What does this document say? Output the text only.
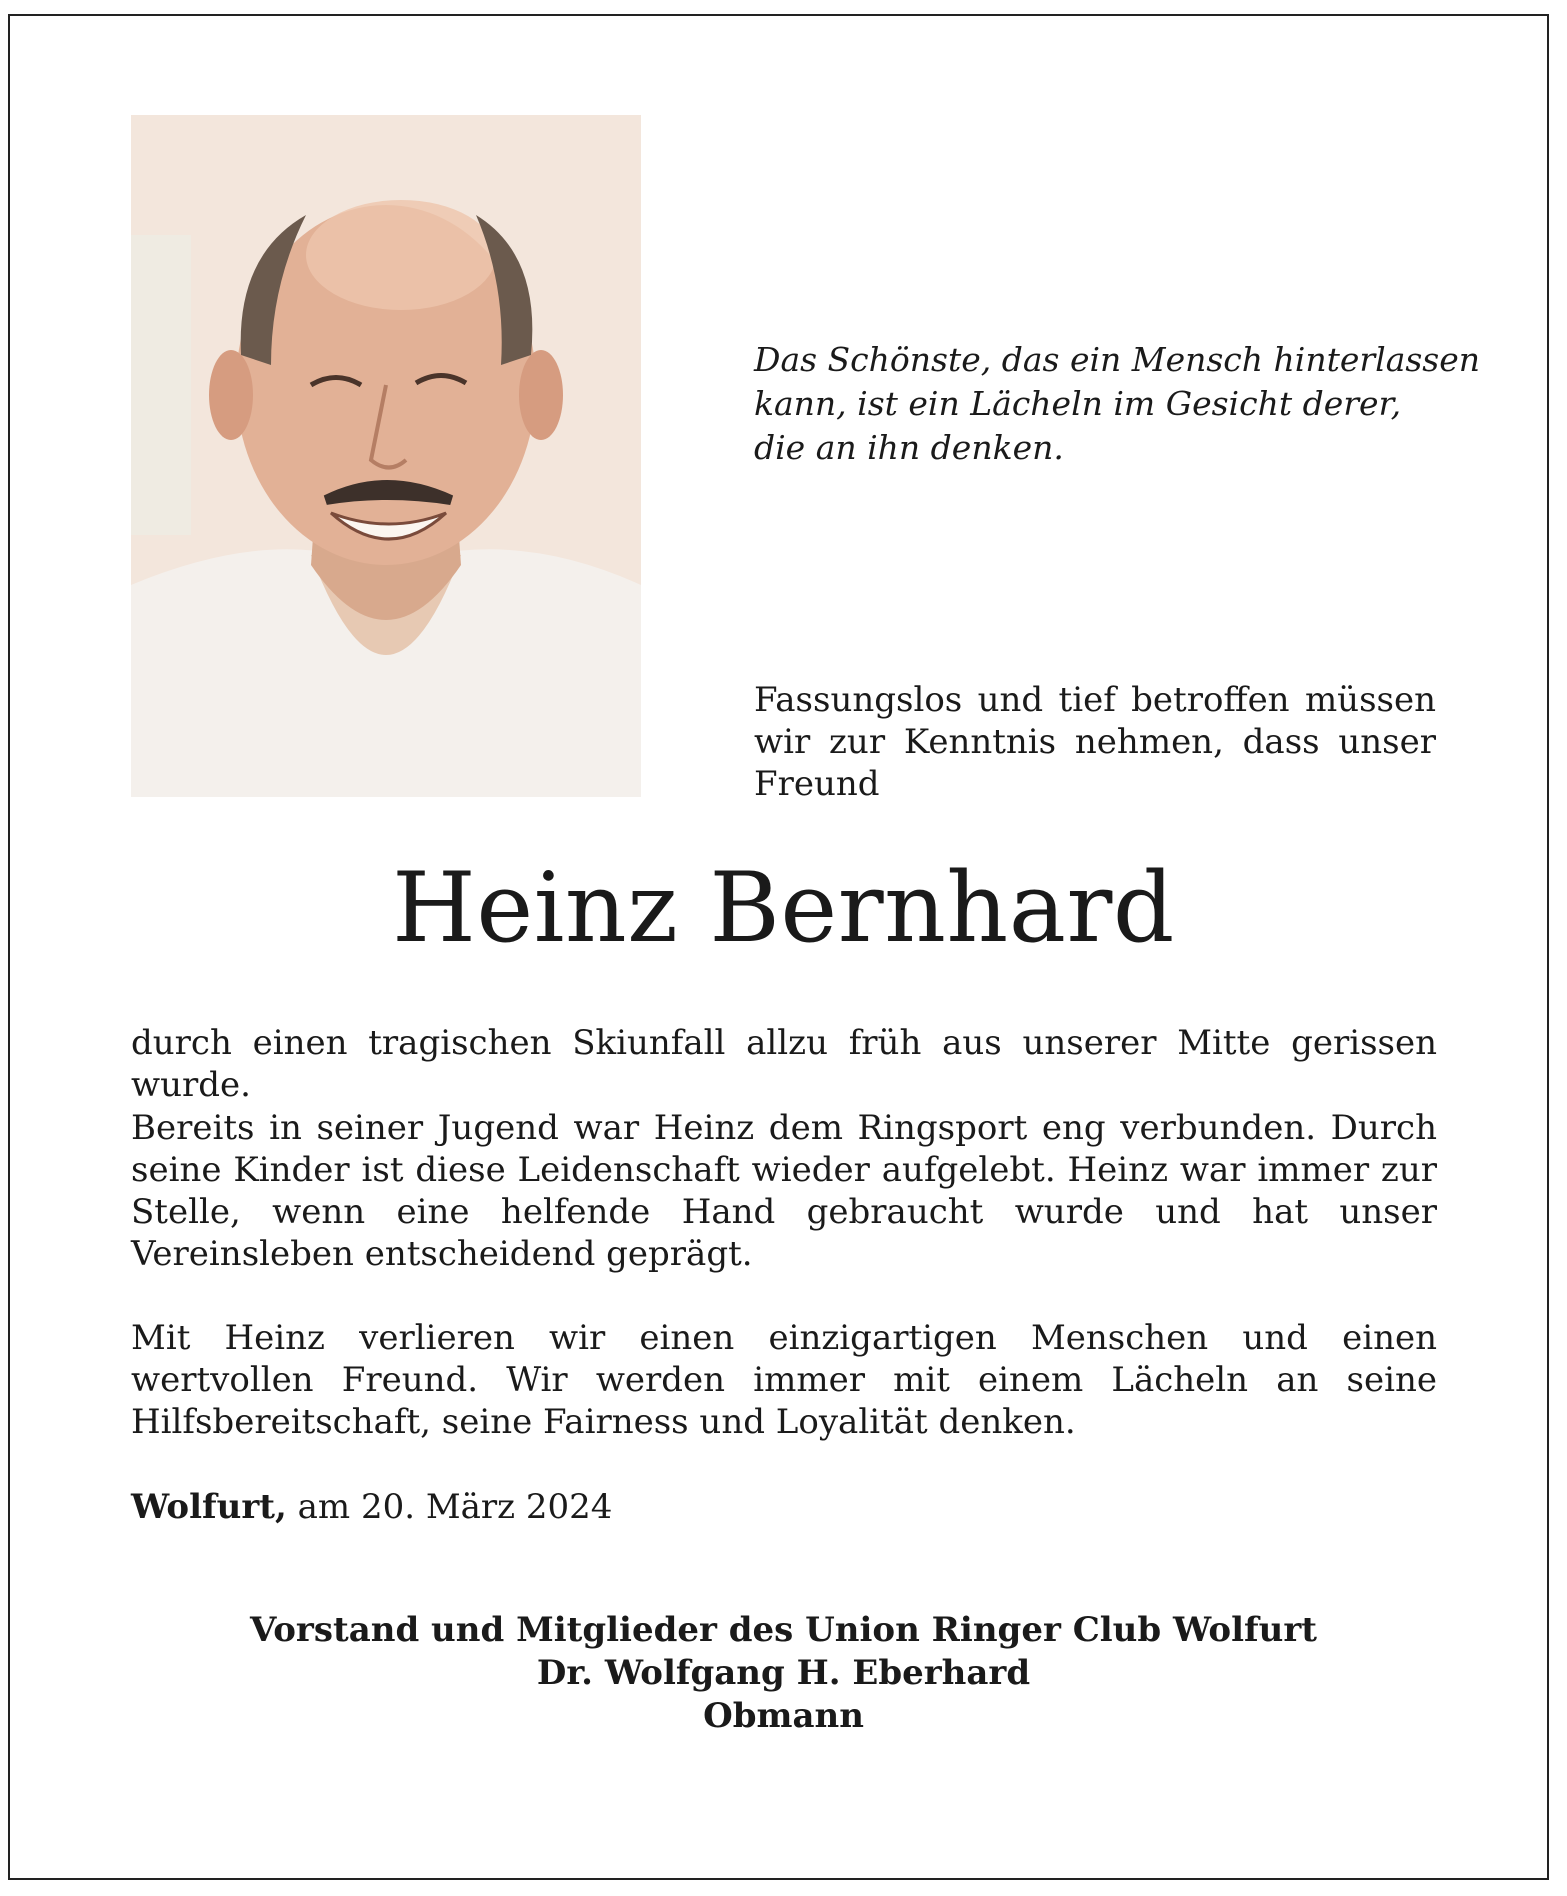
Das Schönste, das ein Mensch hinterlassen
kann, ist ein Lächeln im Gesicht derer,
die an ihn denken.
Fassungslos und tief betroffen müssen wir zur Kenntnis nehmen, dass unser Freund
Heinz Bernhard
durch einen tragischen Skiunfall allzu früh aus unserer Mitte gerissen wurde.
Bereits in seiner Jugend war Heinz dem Ringsport eng verbunden. Durch seine Kinder ist diese Leidenschaft wieder aufgelebt. Heinz war immer zur Stelle, wenn eine helfende Hand gebraucht wurde und hat unser Vereinsleben entscheidend geprägt.
Mit Heinz verlieren wir einen einzigartigen Menschen und einen wertvollen Freund. Wir werden immer mit einem Lächeln an seine Hilfsbereitschaft, seine Fairness und Loyalität denken.
Wolfurt, am 20. März 2024
Vorstand und Mitglieder des Union Ringer Club Wolfurt
Dr. Wolfgang H. Eberhard
Obmann
